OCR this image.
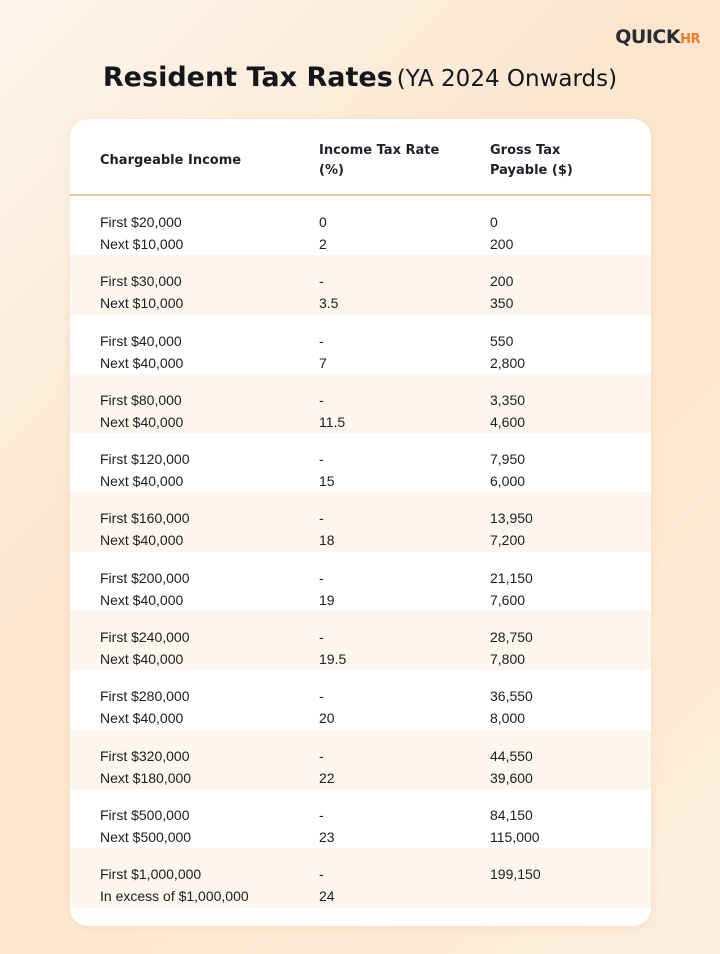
QUICKHR
Resident Tax Rates (YA 2024 Onwards)
Chargeable Income
Income Tax Rate
(%)
Gross Tax
Payable ($)
First $20,000
Next $10,000
0
2
0
200
First $30,000
Next $10,000
-
3.5
200
350
First $40,000
Next $40,000
-
7
550
2,800
First $80,000
Next $40,000
-
11.5
3,350
4,600
First $120,000
Next $40,000
-
15
7,950
6,000
First $160,000
Next $40,000
-
18
13,950
7,200
First $200,000
Next $40,000
-
19
21,150
7,600
First $240,000
Next $40,000
-
19.5
28,750
7,800
First $280,000
Next $40,000
-
20
36,550
8,000
First $320,000
Next $180,000
-
22
44,550
39,600
First $500,000
Next $500,000
-
23
84,150
115,000
First $1,000,000
In excess of $1,000,000
-
24
199,150
